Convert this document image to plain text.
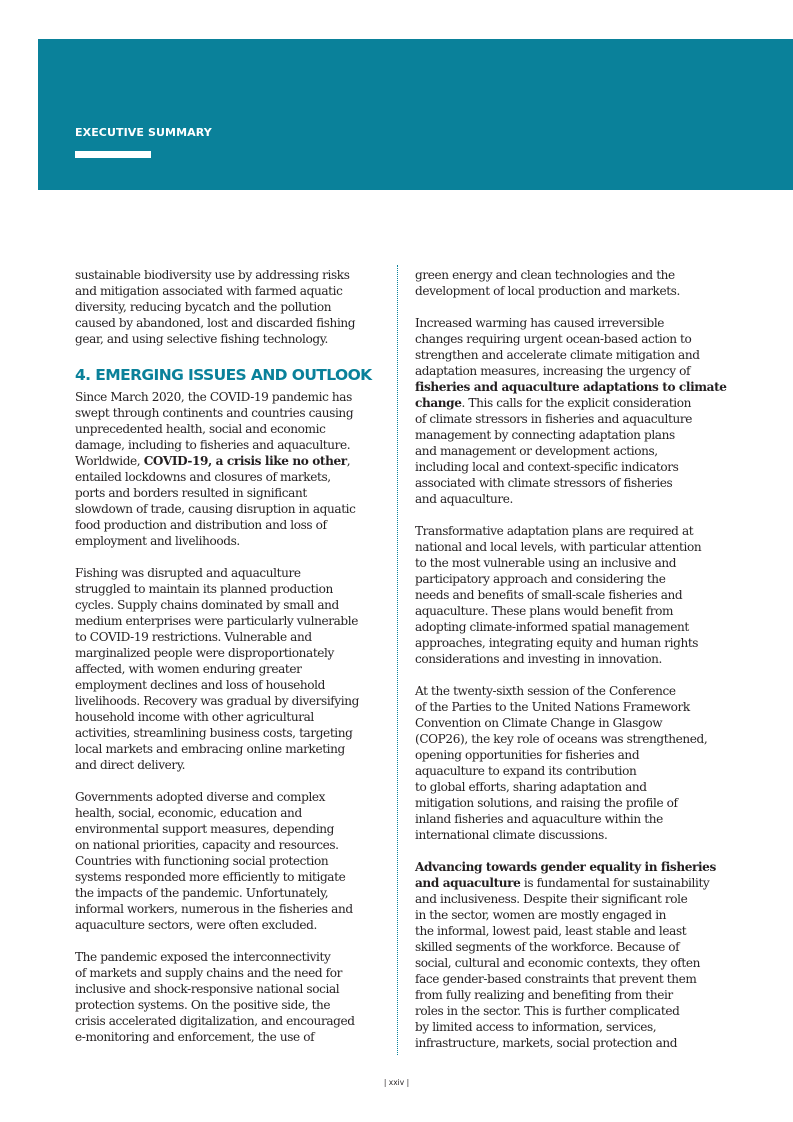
EXECUTIVE SUMMARY
sustainable biodiversity use by addressing risks
and mitigation associated with farmed aquatic
diversity, reducing bycatch and the pollution
caused by abandoned, lost and discarded fishing
gear, and using selective fishing technology.
4. EMERGING ISSUES AND OUTLOOK
Since March 2020, the COVID-19 pandemic has
swept through continents and countries causing
unprecedented health, social and economic
damage, including to fisheries and aquaculture.
Worldwide, COVID-19, a crisis like no other,
entailed lockdowns and closures of markets,
ports and borders resulted in significant
slowdown of trade, causing disruption in aquatic
food production and distribution and loss of
employment and livelihoods.
Fishing was disrupted and aquaculture
struggled to maintain its planned production
cycles. Supply chains dominated by small and
medium enterprises were particularly vulnerable
to COVID-19 restrictions. Vulnerable and
marginalized people were disproportionately
affected, with women enduring greater
employment declines and loss of household
livelihoods. Recovery was gradual by diversifying
household income with other agricultural
activities, streamlining business costs, targeting
local markets and embracing online marketing
and direct delivery.
Governments adopted diverse and complex
health, social, economic, education and
environmental support measures, depending
on national priorities, capacity and resources.
Countries with functioning social protection
systems responded more efficiently to mitigate
the impacts of the pandemic. Unfortunately,
informal workers, numerous in the fisheries and
aquaculture sectors, were often excluded.
The pandemic exposed the interconnectivity
of markets and supply chains and the need for
inclusive and shock-responsive national social
protection systems. On the positive side, the
crisis accelerated digitalization, and encouraged
e-monitoring and enforcement, the use of
green energy and clean technologies and the
development of local production and markets.
Increased warming has caused irreversible
changes requiring urgent ocean-based action to
strengthen and accelerate climate mitigation and
adaptation measures, increasing the urgency of
fisheries and aquaculture adaptations to climate
change. This calls for the explicit consideration
of climate stressors in fisheries and aquaculture
management by connecting adaptation plans
and management or development actions,
including local and context-specific indicators
associated with climate stressors of fisheries
and aquaculture.
Transformative adaptation plans are required at
national and local levels, with particular attention
to the most vulnerable using an inclusive and
participatory approach and considering the
needs and benefits of small-scale fisheries and
aquaculture. These plans would benefit from
adopting climate-informed spatial management
approaches, integrating equity and human rights
considerations and investing in innovation.
At the twenty-sixth session of the Conference
of the Parties to the United Nations Framework
Convention on Climate Change in Glasgow
(COP26), the key role of oceans was strengthened,
opening opportunities for fisheries and
aquaculture to expand its contribution
to global efforts, sharing adaptation and
mitigation solutions, and raising the profile of
inland fisheries and aquaculture within the
international climate discussions.
Advancing towards gender equality in fisheries
and aquaculture is fundamental for sustainability
and inclusiveness. Despite their significant role
in the sector, women are mostly engaged in
the informal, lowest paid, least stable and least
skilled segments of the workforce. Because of
social, cultural and economic contexts, they often
face gender-based constraints that prevent them
from fully realizing and benefiting from their
roles in the sector. This is further complicated
by limited access to information, services,
infrastructure, markets, social protection and
| xxiv |
